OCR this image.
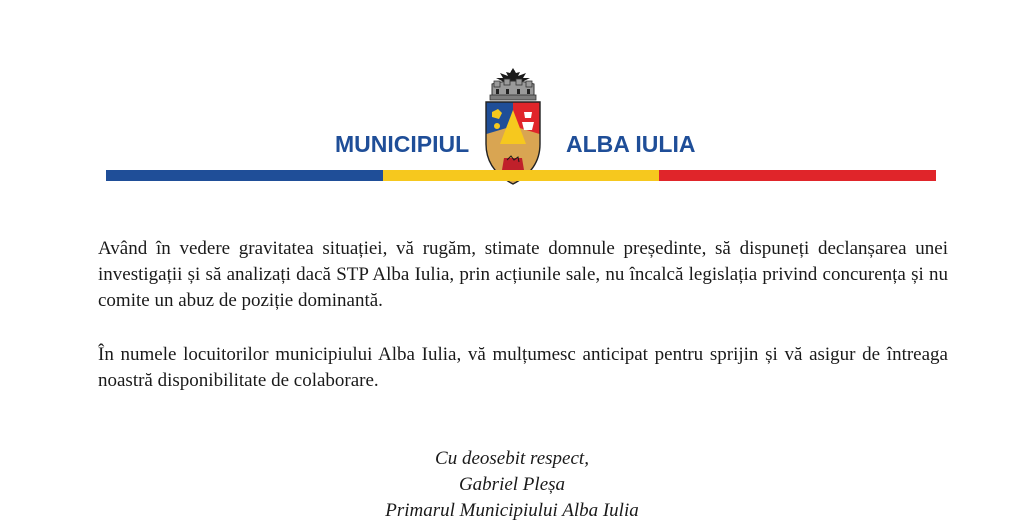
MUNICIPIUL	ALBA IULIA

Având în vedere gravitatea situației, vă rugăm, stimate domnule președinte, să dispuneți declanșarea unei investigații și să analizați dacă STP Alba Iulia, prin acțiunile sale, nu încalcă legislația privind concurența și nu comite un abuz de poziție dominantă.

În numele locuitorilor municipiului Alba Iulia, vă mulțumesc anticipat pentru sprijin și vă asigur de întreaga noastră disponibilitate de colaborare.

Cu deosebit respect,
Gabriel Pleșa
Primarul Municipiului Alba Iulia
